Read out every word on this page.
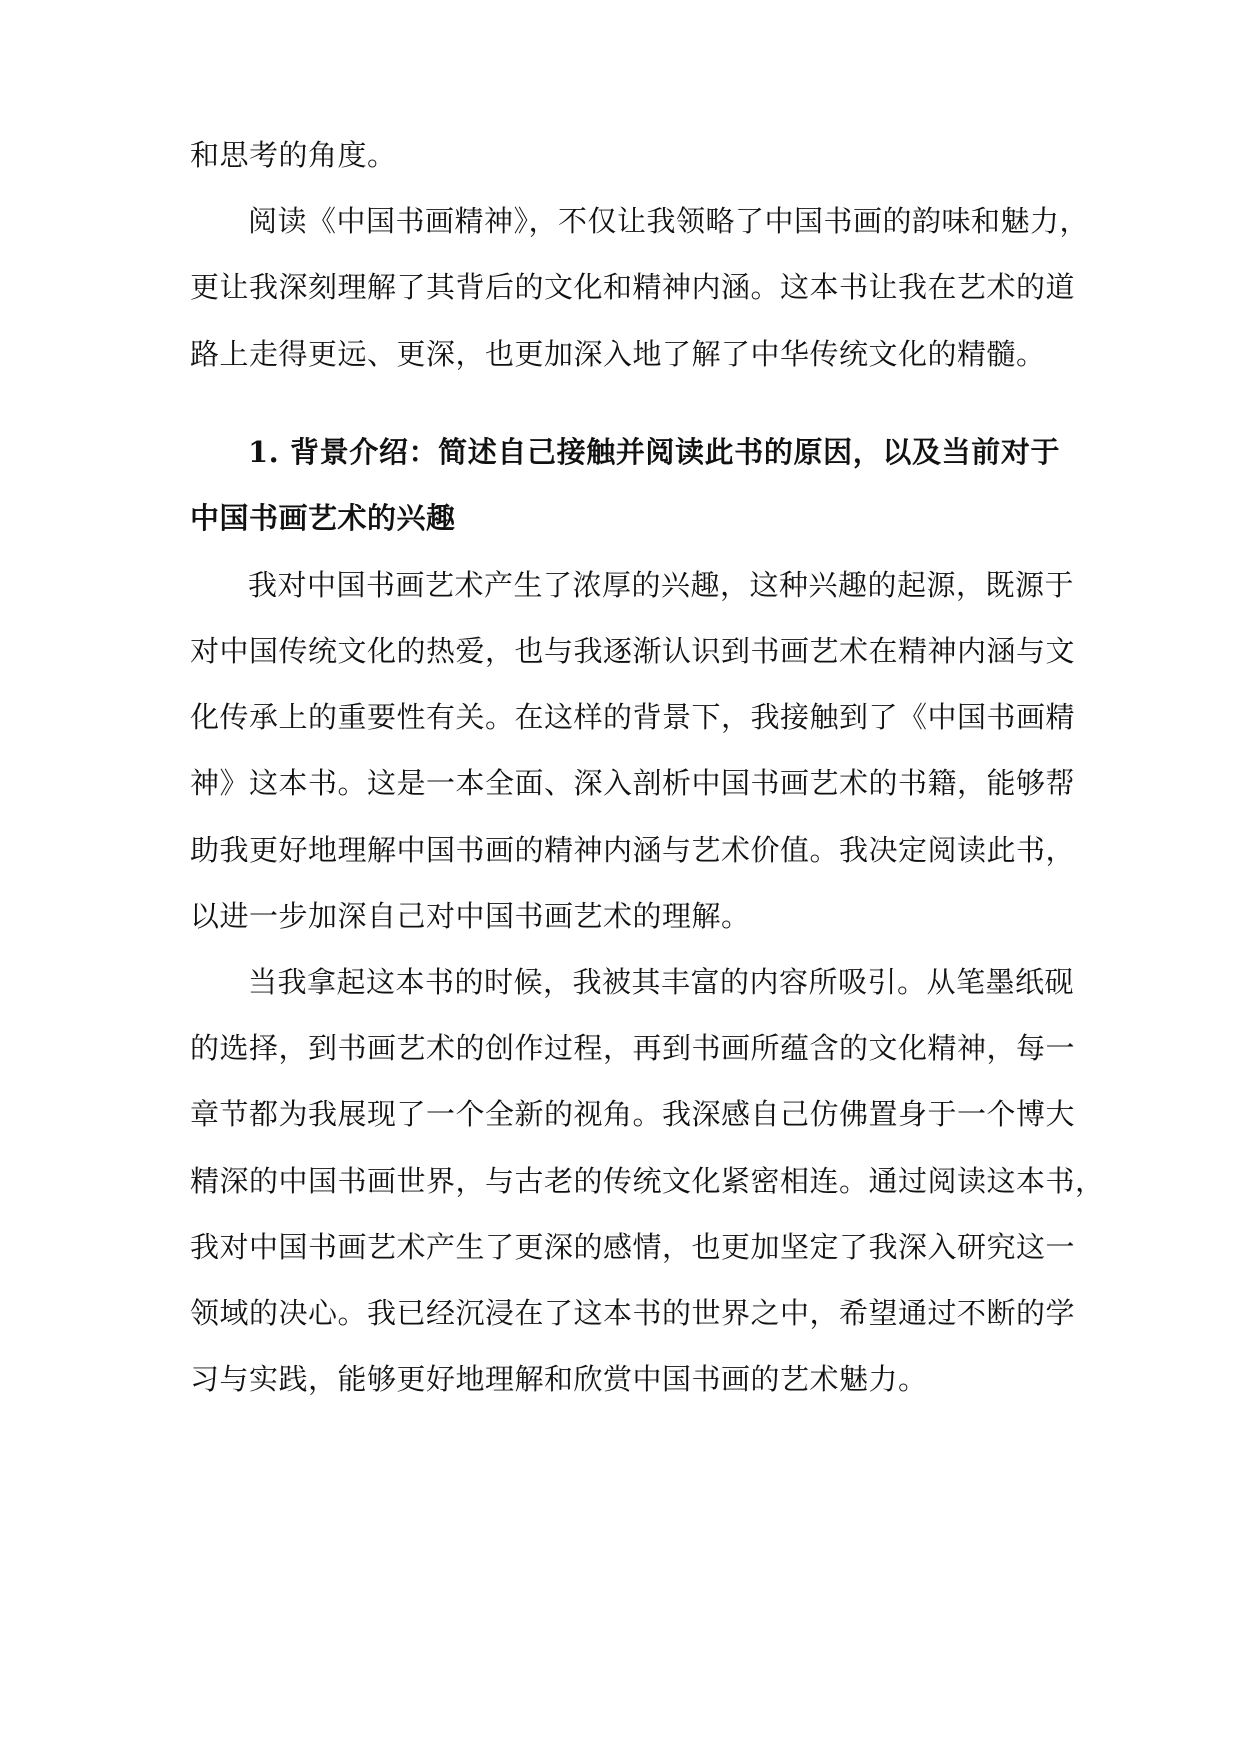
和思考的角度。
阅读《中国书画精神》，不仅让我领略了中国书画的韵味和魅力，
更让我深刻理解了其背后的文化和精神内涵。这本书让我在艺术的道
路上走得更远、更深，也更加深入地了解了中华传统文化的精髓。
1. 背景介绍：简述自己接触并阅读此书的原因，以及当前对于
中国书画艺术的兴趣
我对中国书画艺术产生了浓厚的兴趣，这种兴趣的起源，既源于
对中国传统文化的热爱，也与我逐渐认识到书画艺术在精神内涵与文
化传承上的重要性有关。在这样的背景下，我接触到了《中国书画精
神》这本书。这是一本全面、深入剖析中国书画艺术的书籍，能够帮
助我更好地理解中国书画的精神内涵与艺术价值。我决定阅读此书，
以进一步加深自己对中国书画艺术的理解。
当我拿起这本书的时候，我被其丰富的内容所吸引。从笔墨纸砚
的选择，到书画艺术的创作过程，再到书画所蕴含的文化精神，每一
章节都为我展现了一个全新的视角。我深感自己仿佛置身于一个博大
精深的中国书画世界，与古老的传统文化紧密相连。通过阅读这本书，
我对中国书画艺术产生了更深的感情，也更加坚定了我深入研究这一
领域的决心。我已经沉浸在了这本书的世界之中，希望通过不断的学
习与实践，能够更好地理解和欣赏中国书画的艺术魅力。
